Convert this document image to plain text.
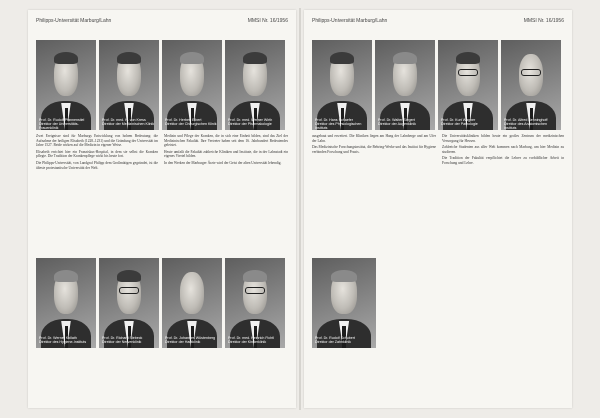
Philipps-Universität Marburg/Lahn	MMSI Nr. 16/1956

Zwei Ereignisse sind für Marburgs Entwicklung von hohem Bedeutung: die Aufnahme der heiligen Elisabeth (1228–1231) und die Gründung der Universität im Jahre 1527. Beide wirken auf die Medizin in eigener Weise.

Elisabeth errichtet hier ein Franziskus-Hospital, in dem sie selbst die Kranken pflegte. Die Tradition der Krankenpflege wirkt bis heute fort.

Die Philipps-Universität, von Landgraf Philipp dem Großmütigen gegründet, ist die älteste protestantische Universität der Welt.

Medizin und Pflege der Kranken, die in sich eine Einheit bilden, sind das Ziel der Medizinischen Fakultät. Ihre Vertreter haben seit dem 16. Jahrhundert Bedeutendes geleistet.

Heute umfaßt die Fakultät zahlreiche Kliniken und Institute, die in der Lahnstadt ein eigenes Viertel bilden.

In den Werken der Marburger Ärzte wird der Geist der alten Universität lebendig.

Philipps-Universität Marburg/Lahn	MMSI Nr. 16/1956

ausgebaut und erweitert. Die Kliniken liegen am Hang der Lahnberge und am Ufer der Lahn.

Das Medizinische Forschungsinstitut, die Behring-Werke und das Institut für Hygiene verbinden Forschung und Praxis.

Die Universitätskliniken bilden heute ein großes Zentrum der medizinischen Versorgung für Hessen.

Zahlreiche Studenten aus aller Welt kommen nach Marburg, um hier Medizin zu studieren.

Die Tradition der Fakultät verpflichtet die Lehrer zu vorbildlicher Arbeit in Forschung und Lehre.

Prof. Dr. Rudolf Pfannenstiel
Direktor der Universitäts-Frauenklinik
Prof. Dr. med. H. von Kress
Direktor der Medizinischen Klinik
Prof. Dr. Herbert Elbert
Direktor der Chirurgischen Klinik
Prof. Dr. med. Werner Wirth
Direktor der Pharmakologie
Prof. Dr. Werner Kollath
Direktor des Hygiene-Instituts
Prof. Dr. Richard Siebeck
Direktor der Nervenklinik
Prof. Dr. Johannes Wüstenberg
Direktor der Hautklinik
Prof. Dr. med. Heinrich Fichtl
Direktor der Kinderklinik
Prof. Dr. Hans Schaefer
Direktor des Physiologischen Instituts
Prof. Dr. Walter Siegert
Direktor der Augenklinik
Prof. Dr. Kurt Wagner
Direktor der Pathologie
Prof. Dr. Alfred Benninghoff
Direktor des Anatomischen Instituts
Prof. Dr. Rudolf Schubert
Direktor der Zahnklinik
